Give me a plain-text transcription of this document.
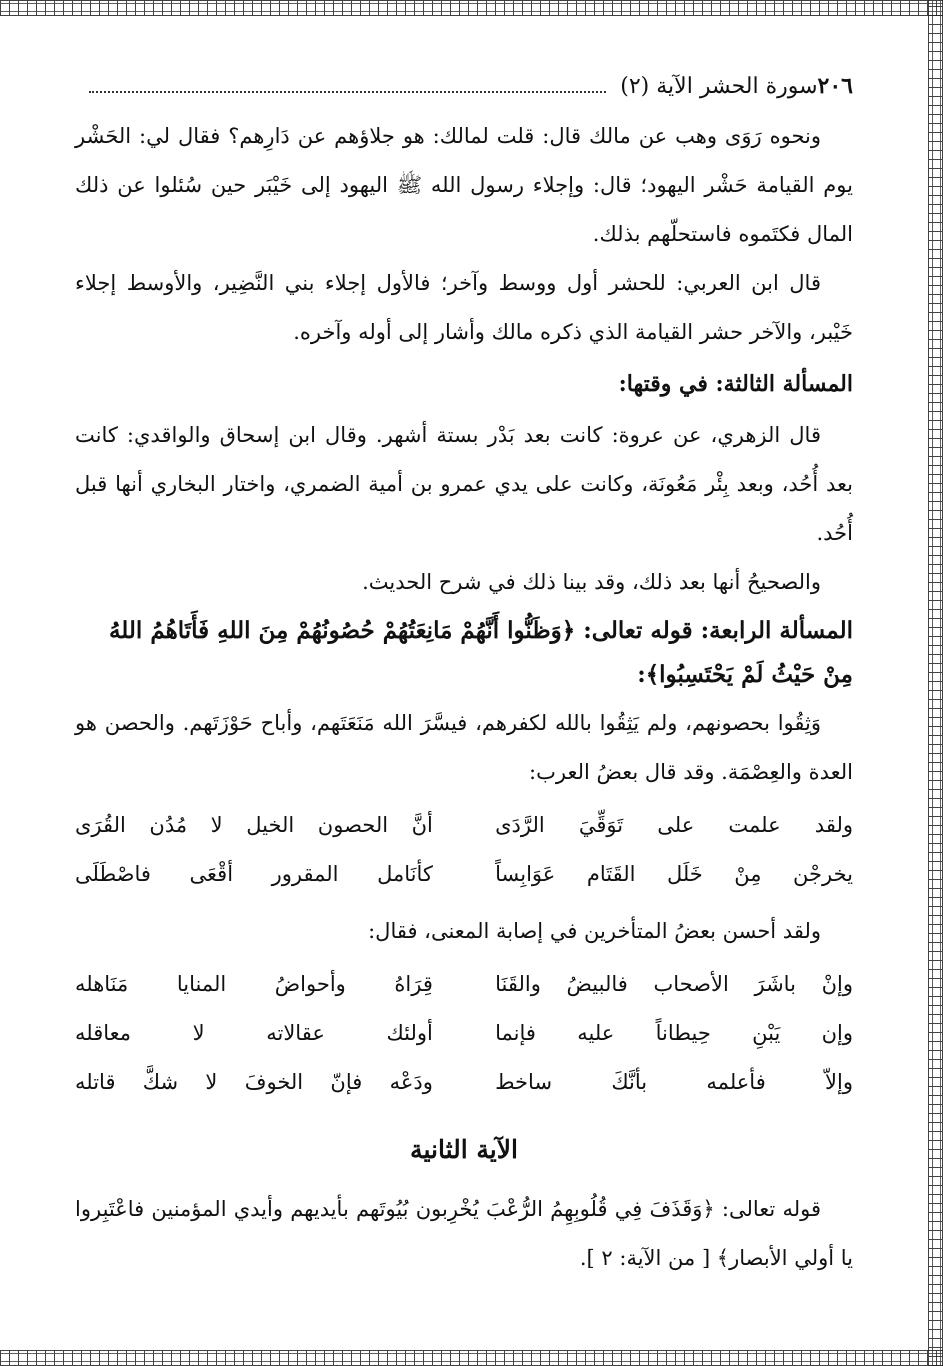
٢٠٦
سورة الحشر الآية (٢)

ونحوه رَوَى وهب عن مالك قال: قلت لمالك: هو جلاؤهم عن دَارِهم؟ فقال لي: الحَشْر يوم القيامة حَشْر اليهود؛ قال: وإجلاء رسول الله ﷺ اليهود إلى خَيْبَر حين سُئلوا عن ذلك المال فكتَموه فاستحلّهم بذلك.

قال ابن العربي: للحشر أول ووسط وآخر؛ فالأول إجلاء بني النَّضِير، والأوسط إجلاء خَيْبر، والآخر حشر القيامة الذي ذكره مالك وأشار إلى أوله وآخره.

المسألة الثالثة: في وقتها:

قال الزهري، عن عروة: كانت بعد بَدْر بستة أشهر. وقال ابن إسحاق والواقدي: كانت بعد أُحُد، وبعد بِئْر مَعُونَة، وكانت على يدي عمرو بن أمية الضمري، واختار البخاري أنها قبل أُحُد.

والصحيحُ أنها بعد ذلك، وقد بينا ذلك في شرح الحديث.

المسألة الرابعة: قوله تعالى: ﴿وَظَنُّوا أَنَّهُمْ مَانِعَتُهُمْ حُصُونُهُمْ مِنَ اللهِ فَأَتَاهُمُ اللهُ مِنْ حَيْثُ لَمْ يَحْتَسِبُوا﴾:

وَثِقُوا بحصونهم، ولم يَثِقُوا بالله لكفرهم، فيسَّرَ الله مَنَعَتَهم، وأباح حَوْزَتَهم. والحصن هو العدة والعِصْمَة. وقد قال بعضُ العرب:

ولقد علمت على تَوَقِّيَ الرَّدَى
أنَّ الحصون الخيل لا مُدُن القُرَى
يخرجْن مِنْ خَلَل القَتَام عَوَابِساً
كأنَامل المقرور أقْعَى فاصْطَلَى

ولقد أحسن بعضُ المتأخرين في إصابة المعنى، فقال:

وإنْ باشَرَ الأصحاب فالبيضُ والقَنَا
قِرَاهُ وأحواضُ المنايا مَنَاهله
وإن يَبْنِ حِيطاناً عليه فإنما
أولئك عقالاته لا معاقله
وإلاّ فأعلمه بأنَّكَ ساخط
ودَعْه فإنّ الخوفَ لا شكَّ قاتله
الآية الثانية

قوله تعالى: ﴿وَقَذَفَ فِي قُلُوبِهِمُ الرُّعْبَ يُخْرِبون بُيُوتَهم بأيديهم وأيدي المؤمنين فاعْتَبِروا يا أولي الأبصار﴾ [ من الآية: ٢ ].
